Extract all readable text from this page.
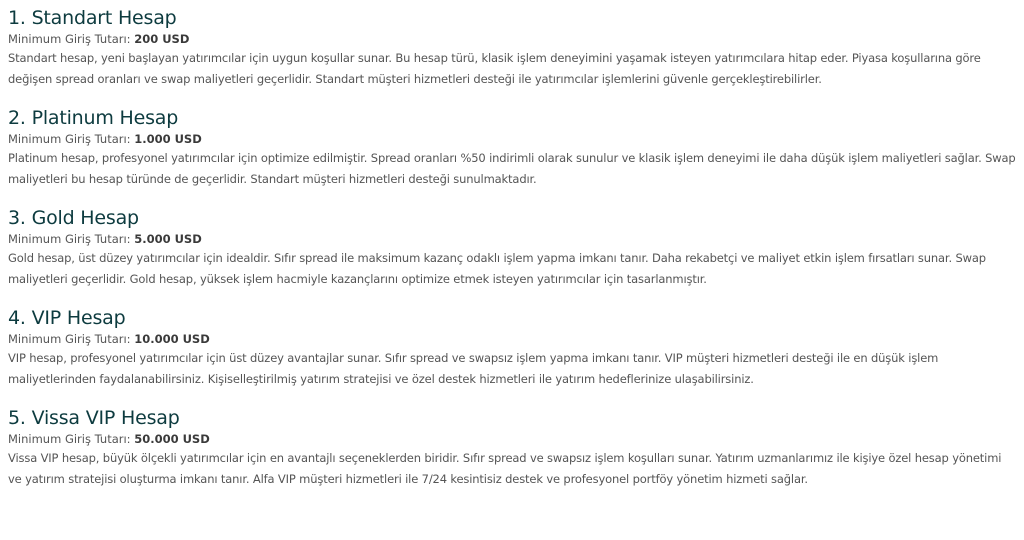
1. Standart Hesap

Minimum Giriş Tutarı: 200 USD

Standart hesap, yeni başlayan yatırımcılar için uygun koşullar sunar. Bu hesap türü, klasik işlem deneyimini yaşamak isteyen yatırımcılara hitap eder. Piyasa koşullarına göre değişen spread oranları ve swap maliyetleri geçerlidir. Standart müşteri hizmetleri desteği ile yatırımcılar işlemlerini güvenle gerçekleştirebilirler.

2. Platinum Hesap

Minimum Giriş Tutarı: 1.000 USD

Platinum hesap, profesyonel yatırımcılar için optimize edilmiştir. Spread oranları %50 indirimli olarak sunulur ve klasik işlem deneyimi ile daha düşük işlem maliyetleri sağlar. Swap maliyetleri bu hesap türünde de geçerlidir. Standart müşteri hizmetleri desteği sunulmaktadır.

3. Gold Hesap

Minimum Giriş Tutarı: 5.000 USD

Gold hesap, üst düzey yatırımcılar için idealdir. Sıfır spread ile maksimum kazanç odaklı işlem yapma imkanı tanır. Daha rekabetçi ve maliyet etkin işlem fırsatları sunar. Swap maliyetleri geçerlidir. Gold hesap, yüksek işlem hacmiyle kazançlarını optimize etmek isteyen yatırımcılar için tasarlanmıştır.

4. VIP Hesap

Minimum Giriş Tutarı: 10.000 USD

VIP hesap, profesyonel yatırımcılar için üst düzey avantajlar sunar. Sıfır spread ve swapsız işlem yapma imkanı tanır. VIP müşteri hizmetleri desteği ile en düşük işlem maliyetlerinden faydalanabilirsiniz. Kişiselleştirilmiş yatırım stratejisi ve özel destek hizmetleri ile yatırım hedeflerinize ulaşabilirsiniz.

5. Vissa VIP Hesap

Minimum Giriş Tutarı: 50.000 USD

Vissa VIP hesap, büyük ölçekli yatırımcılar için en avantajlı seçeneklerden biridir. Sıfır spread ve swapsız işlem koşulları sunar. Yatırım uzmanlarımız ile kişiye özel hesap yönetimi ve yatırım stratejisi oluşturma imkanı tanır. Alfa VIP müşteri hizmetleri ile 7/24 kesintisiz destek ve profesyonel portföy yönetim hizmeti sağlar.
